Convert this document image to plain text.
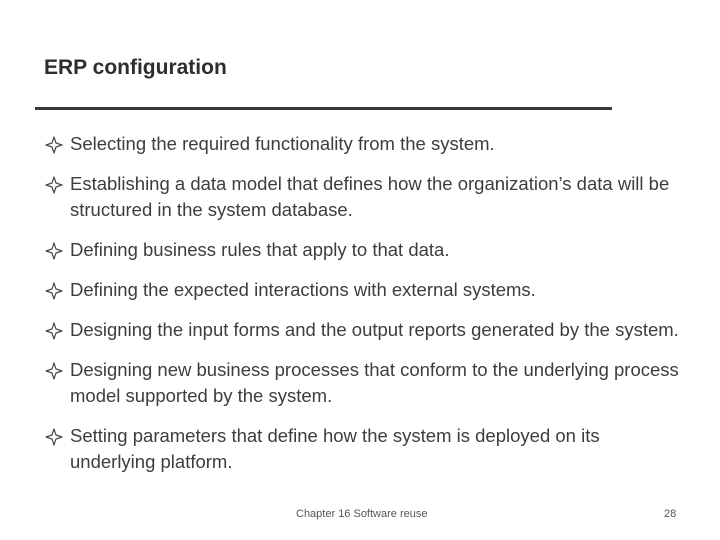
ERP configuration
Selecting the required functionality from the system.
Establishing a data model that defines how the organization’s data will be structured in the system database.
Defining business rules that apply to that data.
Defining the expected interactions with external systems.
Designing the input forms and the output reports generated by the system.
Designing new business processes that conform to the underlying process model supported by the system.
Setting parameters that define how the system is deployed on its underlying platform.
Chapter 16 Software reuse	28
